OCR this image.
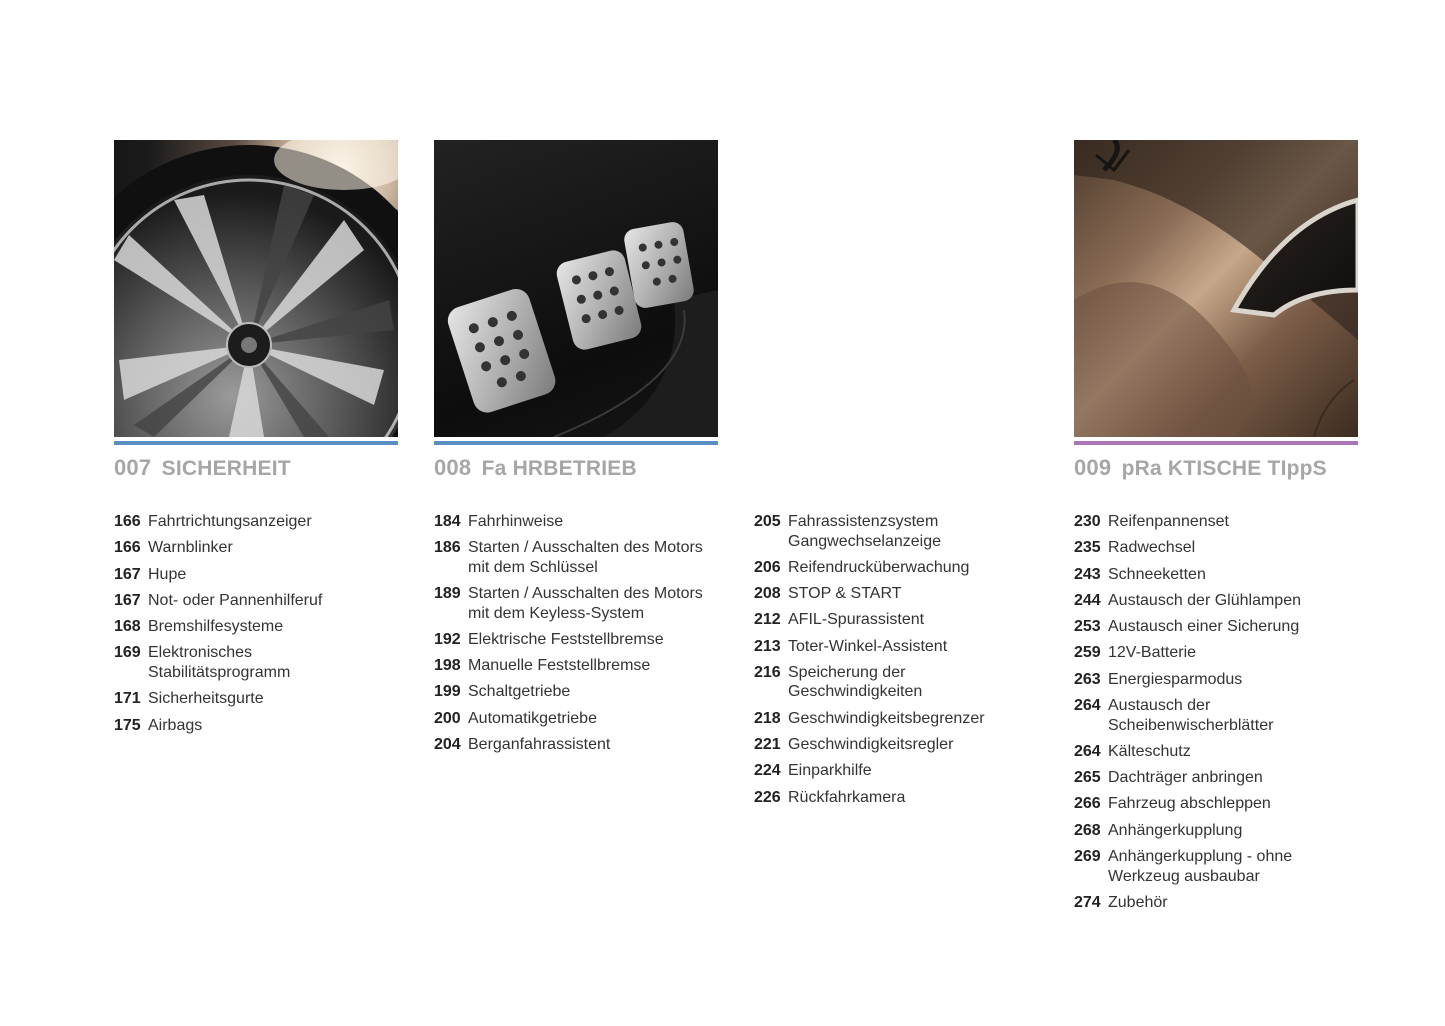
007 SICHERHEIT
166 Fahrtrichtungsanzeiger
166 Warnblinker
167 Hupe
167 Not- oder Pannenhilferuf
168 Bremshilfesysteme
169 Elektronisches Stabilitätsprogramm
171 Sicherheitsgurte
175 Airbags
008 Fa HRBETRIEB
184 Fahrhinweise
186 Starten / Ausschalten des Motors mit dem Schlüssel
189 Starten / Ausschalten des Motors mit dem Keyless-System
192 Elektrische Feststellbremse
198 Manuelle Feststellbremse
199 Schaltgetriebe
200 Automatikgetriebe
204 Berganfahrassistent
205 Fahrassistenzsystem Gangwechselanzeige
206 Reifendrucküberwachung
208 STOP & START
212 AFIL-Spurassistent
213 Toter-Winkel-Assistent
216 Speicherung der Geschwindigkeiten
218 Geschwindigkeitsbegrenzer
221 Geschwindigkeitsregler
224 Einparkhilfe
226 Rückfahrkamera
009 pRa KTISCHE TIppS
230 Reifenpannenset
235 Radwechsel
243 Schneeketten
244 Austausch der Glühlampen
253 Austausch einer Sicherung
259 12V-Batterie
263 Energiesparmodus
264 Austausch der Scheibenwischerblätter
264 Kälteschutz
265 Dachträger anbringen
266 Fahrzeug abschleppen
268 Anhängerkupplung
269 Anhängerkupplung - ohne Werkzeug ausbaubar
274 Zubehör
